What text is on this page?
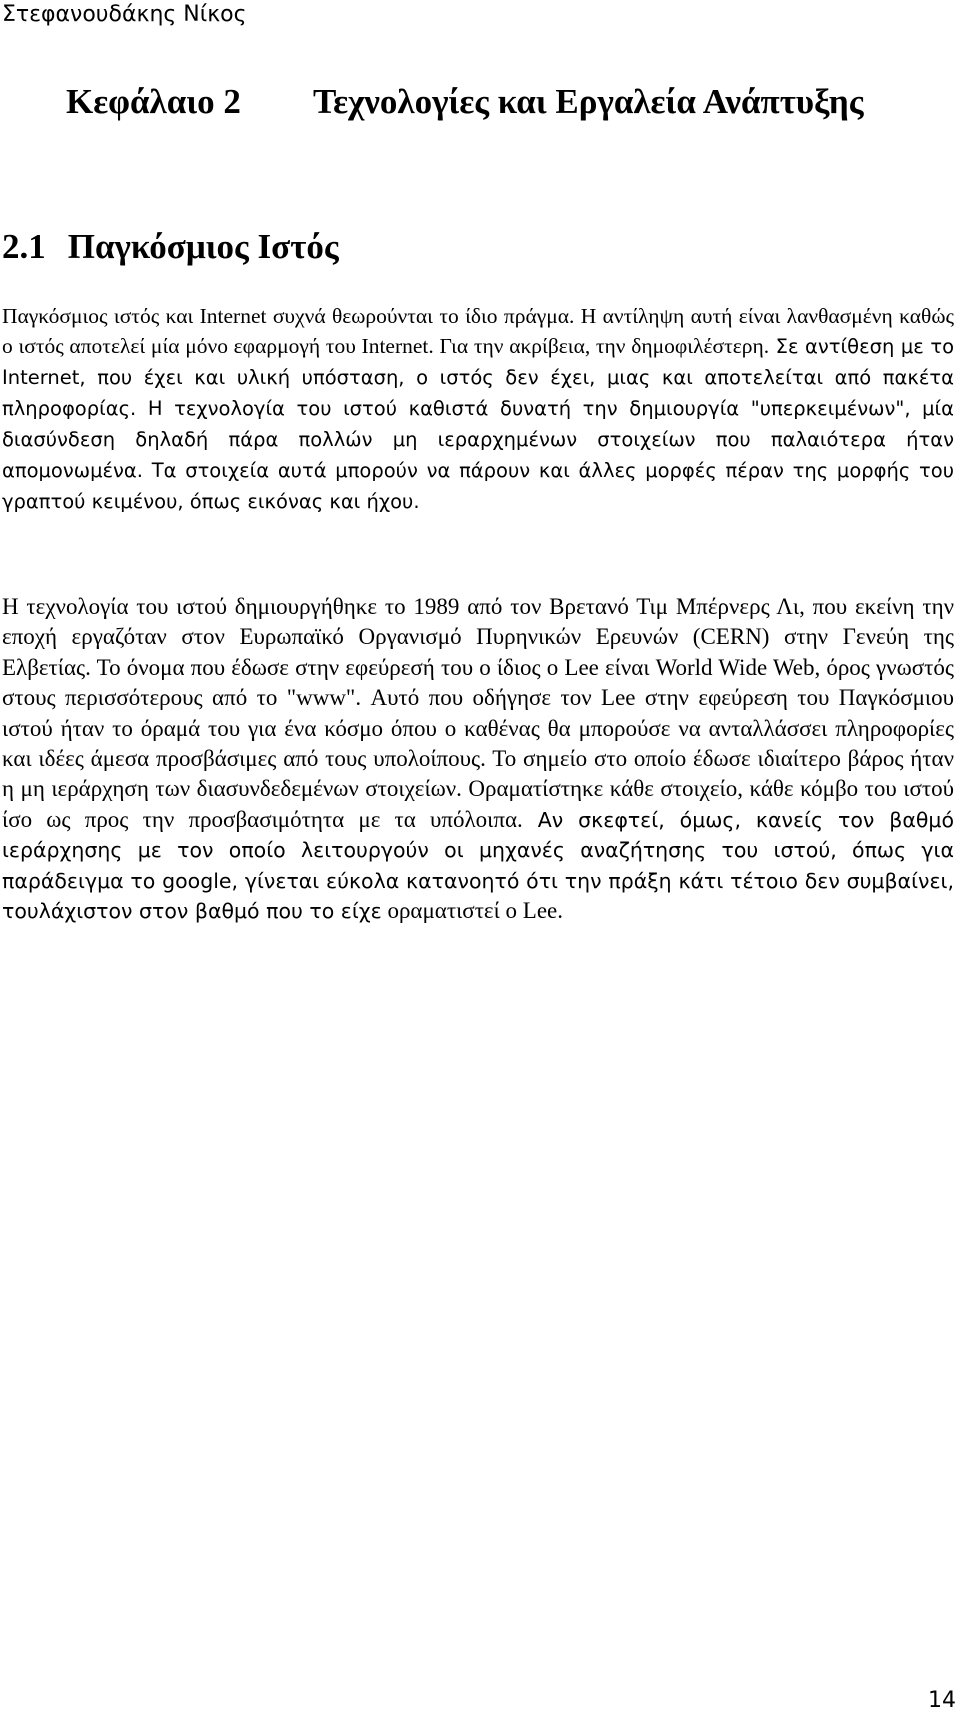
Στεφανουδάκης Νίκος
Κεφάλαιο 2 Τεχνολογίες και Εργαλεία Ανάπτυξης
2.1 Παγκόσμιος Ιστός

Παγκόσμιος ιστός και Internet συχνά θεωρούνται το ίδιο πράγμα. Η αντίληψη αυτή είναι λανθασμένη καθώς ο ιστός αποτελεί μία μόνο εφαρμογή του Internet. Για την ακρίβεια, την δημοφιλέστερη. Σε αντίθεση με το Internet, που έχει και υλική υπόσταση, ο ιστός δεν έχει, μιας και αποτελείται από πακέτα πληροφορίας. Η τεχνολογία του ιστού καθιστά δυνατή την δημιουργία "υπερκειμένων", μία διασύνδεση δηλαδή πάρα πολλών μη ιεραρχημένων στοιχείων που παλαιότερα ήταν απομονωμένα. Τα στοιχεία αυτά μπορούν να πάρουν και άλλες μορφές πέραν της μορφής του γραπτού κειμένου, όπως εικόνας και ήχου.

Η τεχνολογία του ιστού δημιουργήθηκε το 1989 από τον Βρετανό Τιμ Μπέρνερς Λι, που εκείνη την εποχή εργαζόταν στον Ευρωπαϊκό Οργανισμό Πυρηνικών Ερευνών (CERN) στην Γενεύη της Ελβετίας. Το όνομα που έδωσε στην εφεύρεσή του ο ίδιος ο Lee είναι World Wide Web, όρος γνωστός στους περισσότερους από το "www". Αυτό που οδήγησε τον Lee στην εφεύρεση του Παγκόσμιου ιστού ήταν το όραμά του για ένα κόσμο όπου ο καθένας θα μπορούσε να ανταλλάσσει πληροφορίες και ιδέες άμεσα προσβάσιμες από τους υπολοίπους. Το σημείο στο οποίο έδωσε ιδιαίτερο βάρος ήταν η μη ιεράρχηση των διασυνδεδεμένων στοιχείων. Οραματίστηκε κάθε στοιχείο, κάθε κόμβο του ιστού ίσο ως προς την προσβασιμότητα με τα υπόλοιπα. Αν σκεφτεί, όμως, κανείς τον βαθμό ιεράρχησης με τον οποίο λειτουργούν οι μηχανές αναζήτησης του ιστού, όπως για παράδειγμα το google, γίνεται εύκολα κατανοητό ότι την πράξη κάτι τέτοιο δεν συμβαίνει, τουλάχιστον στον βαθμό που το είχε οραματιστεί ο Lee.

14
